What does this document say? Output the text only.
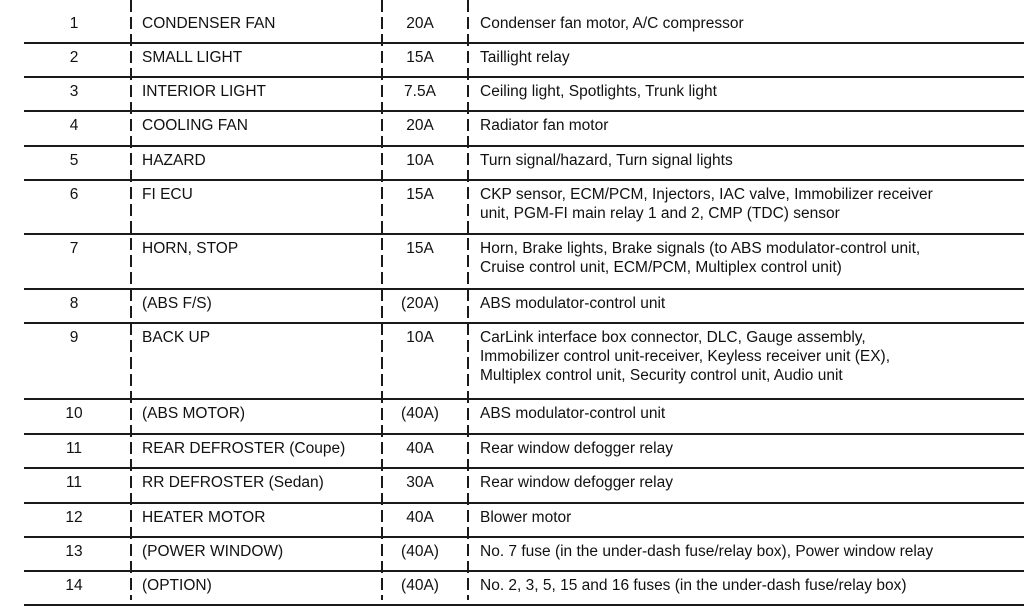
1	CONDENSER FAN	20A	Condenser fan motor, A/C compressor
2	SMALL LIGHT	15A	Taillight relay
3	INTERIOR LIGHT	7.5A	Ceiling light, Spotlights, Trunk light
4	COOLING FAN	20A	Radiator fan motor
5	HAZARD	10A	Turn signal/hazard, Turn signal lights
6	FI ECU	15A	CKP sensor, ECM/PCM, Injectors, IAC valve, Immobilizer receiver
unit, PGM-FI main relay 1 and 2, CMP (TDC) sensor
7	HORN, STOP	15A	Horn, Brake lights, Brake signals (to ABS modulator-control unit,
Cruise control unit, ECM/PCM, Multiplex control unit)
8	(ABS F/S)	(20A)	ABS modulator-control unit
9	BACK UP	10A	CarLink interface box connector, DLC, Gauge assembly,
Immobilizer control unit-receiver, Keyless receiver unit (EX),
Multiplex control unit, Security control unit, Audio unit
10	(ABS MOTOR)	(40A)	ABS modulator-control unit
11	REAR DEFROSTER (Coupe)	40A	Rear window defogger relay
11	RR DEFROSTER (Sedan)	30A	Rear window defogger relay
12	HEATER MOTOR	40A	Blower motor
13	(POWER WINDOW)	(40A)	No. 7 fuse (in the under-dash fuse/relay box), Power window relay
14	(OPTION)	(40A)	No. 2, 3, 5, 15 and 16 fuses (in the under-dash fuse/relay box)
